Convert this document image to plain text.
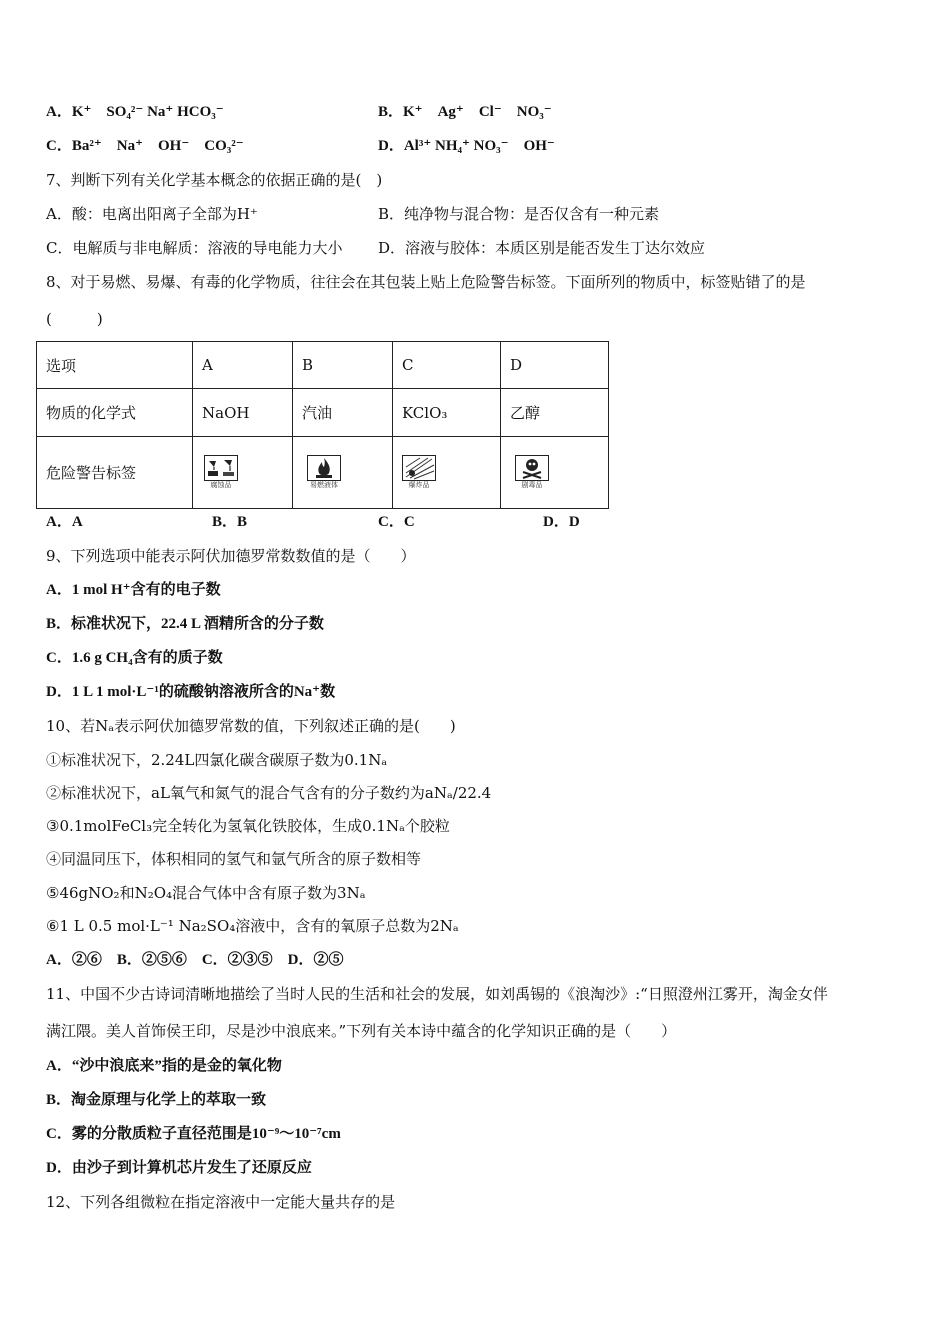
A．K⁺　SO₄²⁻ Na⁺ HCO₃⁻	B．K⁺　Ag⁺　Cl⁻　NO₃⁻
C．Ba²⁺　Na⁺　OH⁻　CO₃²⁻	D．Al³⁺ NH₄⁺ NO₃⁻　OH⁻
7、判断下列有关化学基本概念的依据正确的是(　)
A．酸：电离出阳离子全部为H⁺	B．纯净物与混合物：是否仅含有一种元素
C．电解质与非电解质：溶液的导电能力大小 D．溶液与胶体：本质区别是能否发生丁达尔效应
8、对于易燃、易爆、有毒的化学物质，往往会在其包装上贴上危险警告标签。下面所列的物质中，标签贴错了的是
(　　　)
选项	A	B	C	D
物质的化学式	NaOH	汽油	KClO₃	乙醇
危险警告标签	腐蚀品	易燃液体	爆炸品	剧毒品
A．A	B．B	C．C	D．D
9、下列选项中能表示阿伏加德罗常数数值的是（　　）
A．1 mol H⁺含有的电子数
B．标准状况下，22.4 L 酒精所含的分子数
C．1.6 g CH₄含有的质子数
D．1 L 1 mol·L⁻¹的硫酸钠溶液所含的Na⁺数
10、若Nₐ表示阿伏加德罗常数的值，下列叙述正确的是(　　)
①标准状况下，2.24L四氯化碳含碳原子数为0.1Nₐ
②标准状况下，aL氧气和氮气的混合气含有的分子数约为aNₐ/22.4
③0.1molFeCl₃完全转化为氢氧化铁胶体，生成0.1Nₐ个胶粒
④同温同压下，体积相同的氢气和氩气所含的原子数相等
⑤46gNO₂和N₂O₄混合气体中含有原子数为3Nₐ
⑥1 L 0.5 mol·L⁻¹ Na₂SO₄溶液中，含有的氧原子总数为2Nₐ
A．②⑥　B．②⑤⑥　C．②③⑤　D．②⑤
11、中国不少古诗词清晰地描绘了当时人民的生活和社会的发展，如刘禹锡的《浪淘沙》:“日照澄州江雾开，淘金女伴
满江隈。美人首饰侯王印，尽是沙中浪底来。”下列有关本诗中蕴含的化学知识正确的是（　　）
A．“沙中浪底来”指的是金的氧化物
B．淘金原理与化学上的萃取一致
C．雾的分散质粒子直径范围是10⁻⁹～10⁻⁷cm
D．由沙子到计算机芯片发生了还原反应
12、下列各组微粒在指定溶液中一定能大量共存的是
